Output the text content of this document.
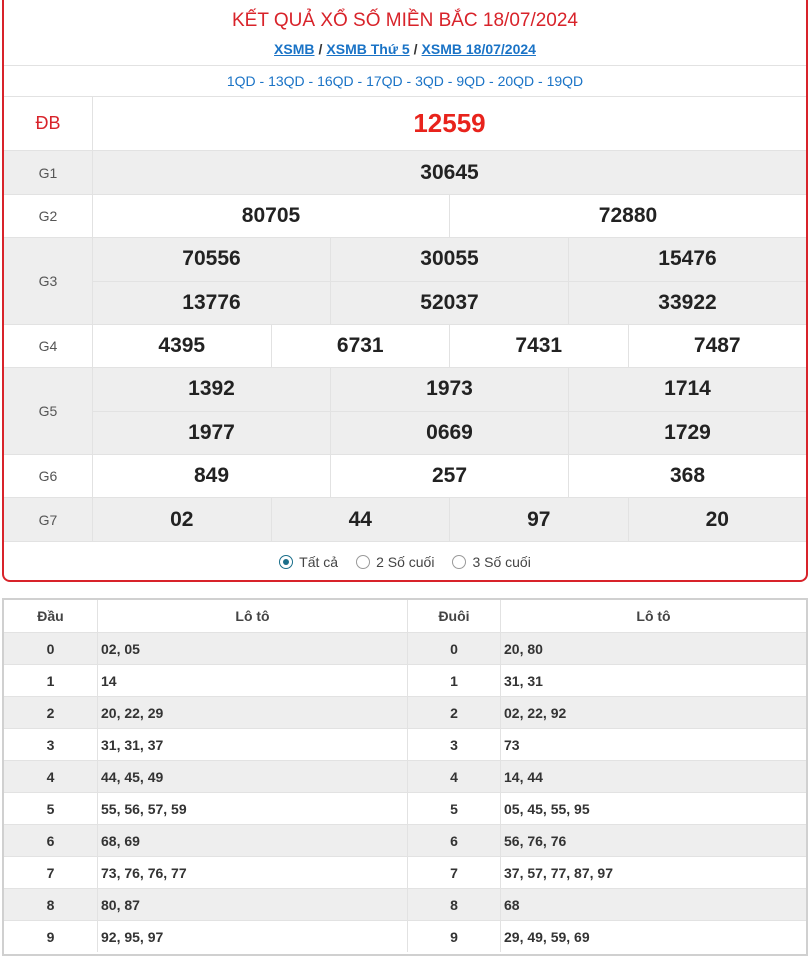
KẾT QUẢ XỔ SỐ MIỀN BẮC 18/07/2024
XSMB / XSMB Thứ 5 / XSMB 18/07/2024
1QD - 13QD - 16QD - 17QD - 3QD - 9QD - 20QD - 19QD
ĐB	12559
G1	30645
G2	80705	72880
G3
70556	30055	15476
13776	52037	33922
G4	4395	6731	7431	7487
G5
1392	1973	1714
1977	0669	1729
G6	849	257	368
G7	02	44	97	20
Tất cả	2 Số cuối	3 Số cuối
Đầu	Lô tô	Đuôi	Lô tô
0	02, 05	0	20, 80
1	14	1	31, 31
2	20, 22, 29	2	02, 22, 92
3	31, 31, 37	3	73
4	44, 45, 49	4	14, 44
5	55, 56, 57, 59	5	05, 45, 55, 95
6	68, 69	6	56, 76, 76
7	73, 76, 76, 77	7	37, 57, 77, 87, 97
8	80, 87	8	68
9	92, 95, 97	9	29, 49, 59, 69
